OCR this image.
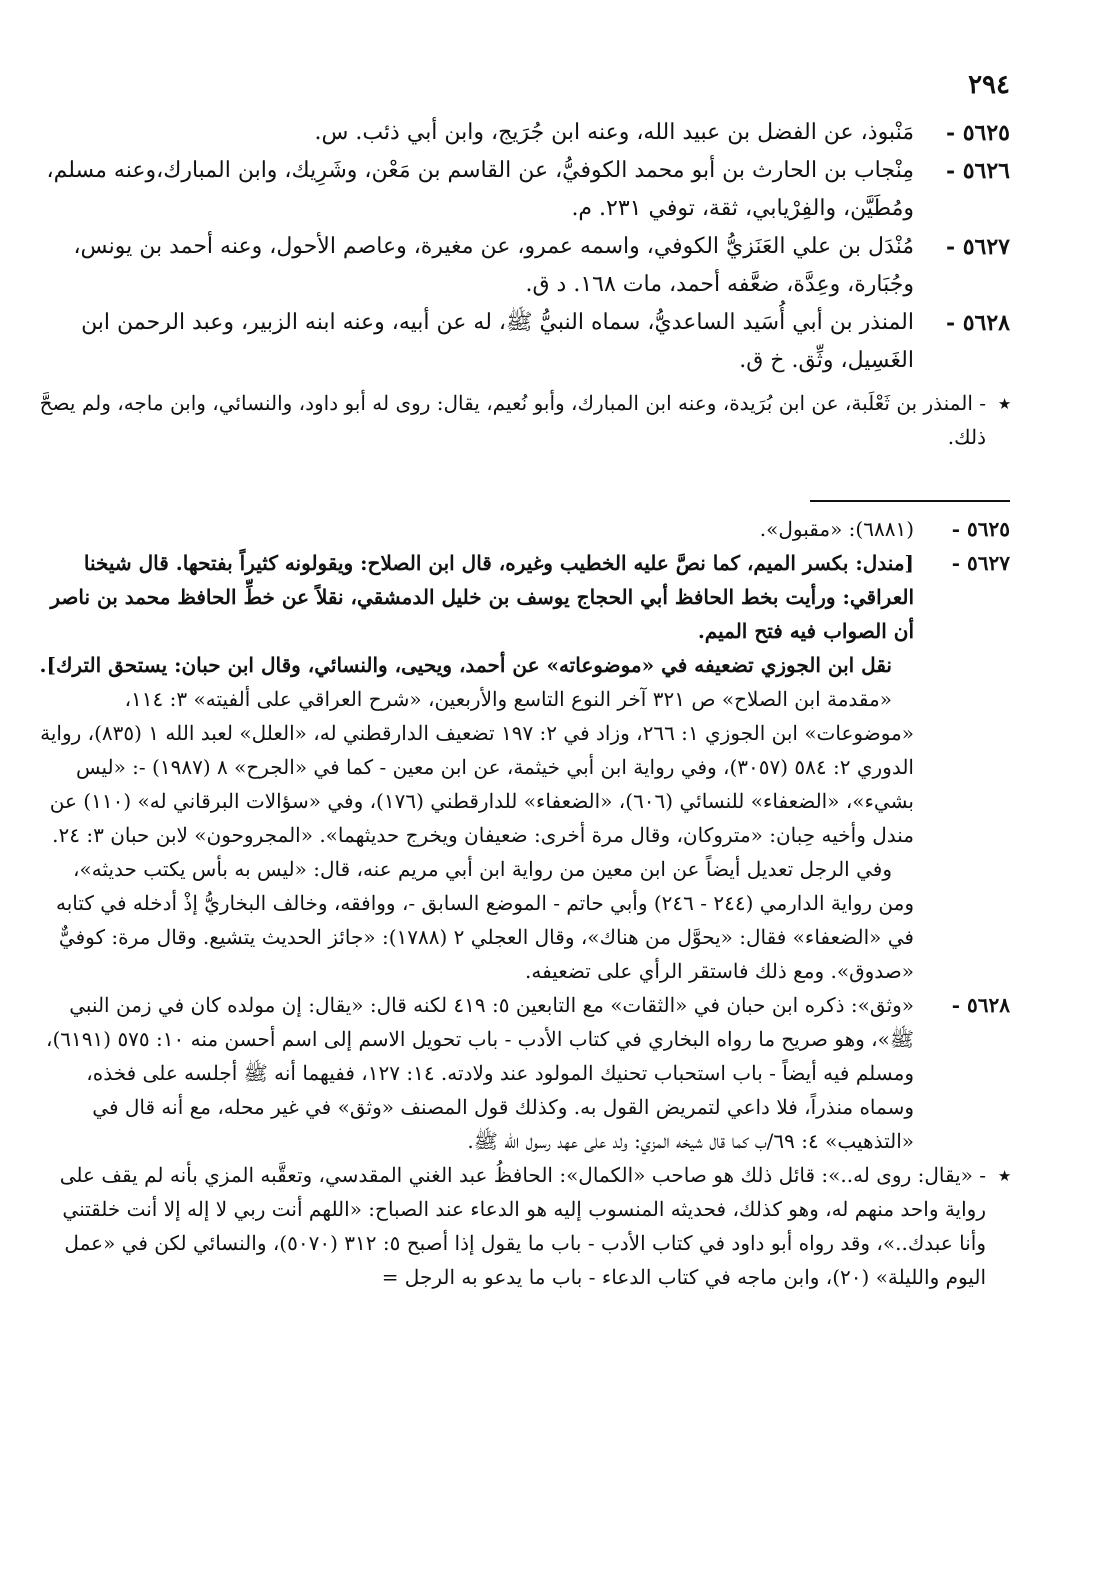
٢٩٤

٥٦٢٥ -
مَنْبوذ، عن الفضل بن عبيد الله، وعنه ابن جُرَيج، وابن أبي ذئب. س.

٥٦٢٦ -
مِنْجاب بن الحارث بن أبو محمد الكوفيُّ، عن القاسم بن مَعْن، وشَرِيك، وابن المبارك،وعنه مسلم، ومُطَيَّن، والفِرْيابي، ثقة، توفي ٢٣١. م.

٥٦٢٧ -
مُنْدَل بن علي العَنَزيُّ الكوفي، واسمه عمرو، عن مغيرة، وعاصم الأحول، وعنه أحمد بن يونس، وجُبَارة، وعِدَّة، ضعَّفه أحمد، مات ١٦٨. د ق.

٥٦٢٨ -
المنذر بن أبي أُسَيد الساعديُّ، سماه النبيُّ ﷺ، له عن أبيه، وعنه ابنه الزبير، وعبد الرحمن ابن الغَسِيل، وثِّق. خ ق.

٭
- المنذر بن ثَعْلَبة، عن ابن بُرَيدة، وعنه ابن المبارك، وأبو نُعيم، يقال: روى له أبو داود، والنسائي، وابن ماجه، ولم يصحَّ ذلك.

٥٦٢٥ -
(٦٨٨١): «مقبول».

٥٦٢٧ -
[مندل: بكسر الميم، كما نصَّ عليه الخطيب وغيره، قال ابن الصلاح: ويقولونه كثيراً بفتحها. قال شيخنا العراقي: ورأيت بخط الحافظ أبي الحجاج يوسف بن خليل الدمشقي، نقلاً عن خطِّ الحافظ محمد بن ناصر أن الصواب فيه فتح الميم.

نقل ابن الجوزي تضعيفه في «موضوعاته» عن أحمد، ويحيى، والنسائي، وقال ابن حبان: يستحق الترك].

«مقدمة ابن الصلاح» ص ٣٢١ آخر النوع التاسع والأربعين، «شرح العراقي على ألفيته» ٣: ١١٤، «موضوعات» ابن الجوزي ١: ٢٦٦، وزاد في ٢: ١٩٧ تضعيف الدارقطني له، «العلل» لعبد الله ١ (٨٣٥)، رواية الدوري ٢: ٥٨٤ (٣٠٥٧)، وفي رواية ابن أبي خيثمة، عن ابن معين - كما في «الجرح» ٨ (١٩٨٧) -: «ليس بشيء»، «الضعفاء» للنسائي (٦٠٦)، «الضعفاء» للدارقطني (١٧٦)، وفي «سؤالات البرقاني له» (١١٠) عن مندل وأخيه حِبان: «متروكان، وقال مرة أخرى: ضعيفان ويخرج حديثهما». «المجروحون» لابن حبان ٣: ٢٤.

وفي الرجل تعديل أيضاً عن ابن معين من رواية ابن أبي مريم عنه، قال: «ليس به بأس يكتب حديثه»، ومن رواية الدارمي (٢٤٤ - ٢٤٦) وأبي حاتم - الموضع السابق -، ووافقه، وخالف البخاريُّ إذْ أدخله في كتابه في «الضعفاء» فقال: «يحوَّل من هناك»، وقال العجلي ٢ (١٧٨٨): «جائز الحديث يتشيع. وقال مرة: كوفيٌّ «صدوق». ومع ذلك فاستقر الرأي على تضعيفه.

٥٦٢٨ -
«وثق»: ذكره ابن حبان في «الثقات» مع التابعين ٥: ٤١٩ لكنه قال: «يقال: إن مولده كان في زمن النبي ﷺ»، وهو صريح ما رواه البخاري في كتاب الأدب - باب تحويل الاسم إلى اسم أحسن منه ١٠: ٥٧٥ (٦١٩١)، ومسلم فيه أيضاً - باب استحباب تحنيك المولود عند ولادته. ١٤: ١٢٧، ففيهما أنه ﷺ أجلسه على فخذه، وسماه منذراً، فلا داعي لتمريض القول به. وكذلك قول المصنف «وثق» في غير محله، مع أنه قال في «التذهيب» ٤: ٦٩/ب كما قال شيخه المزي: ولد على عهد رسول الله ﷺ.

٭
- «يقال: روى له..»: قائل ذلك هو صاحب «الكمال»: الحافظُ عبد الغني المقدسي، وتعقَّبه المزي بأنه لم يقف على رواية واحد منهم له، وهو كذلك، فحديثه المنسوب إليه هو الدعاء عند الصباح: «اللهم أنت ربي لا إله إلا أنت خلقتني وأنا عبدك..»، وقد رواه أبو داود في كتاب الأدب - باب ما يقول إذا أصبح ٥: ٣١٢ (٥٠٧٠)، والنسائي لكن في «عمل اليوم والليلة» (٢٠)، وابن ماجه في كتاب الدعاء - باب ما يدعو به الرجل =
